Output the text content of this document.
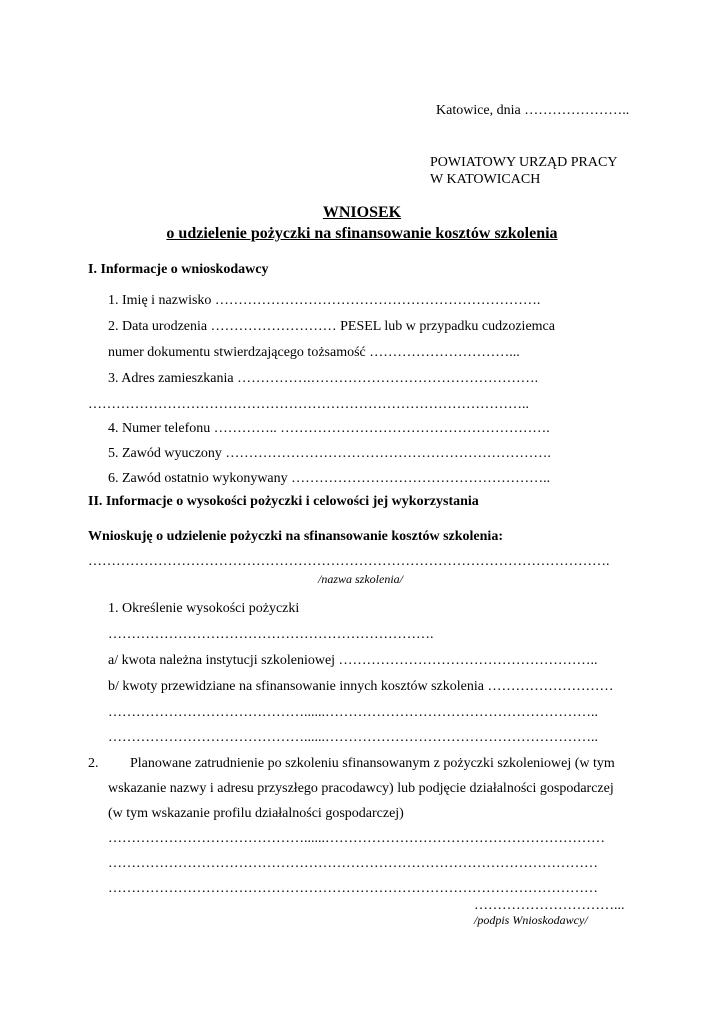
Katowice, dnia …………………..
POWIATOWY URZĄD PRACY
W KATOWICACH
WNIOSEK
o udzielenie pożyczki na sfinansowanie kosztów szkolenia
I. Informacje o wnioskodawcy
1. Imię i nazwisko …………………………………………………………….
2. Data urodzenia ……………………… PESEL lub w przypadku cudzoziemca
numer dokumentu stwierdzającego tożsamość …………………………...
3. Adres zamieszkania …………….………………………………………….
…………………………………………………………………………………..
4. Numer telefonu ………….. ………………………………………………….
5. Zawód wyuczony …………………………………………………………….
6. Zawód ostatnio wykonywany ………………………………………………..
II. Informacje o wysokości pożyczki i celowości jej wykorzystania
Wnioskuję o udzielenie pożyczki na sfinansowanie kosztów szkolenia:
………………………………………………………………………………………………….
/nazwa szkolenia/
1. Określenie wysokości pożyczki
…………………………………………………………….
a/ kwota należna instytucji szkoleniowej ………………………………………………..
b/ kwoty przewidziane na sfinansowanie innych kosztów szkolenia ………………………
……………………………………......…………………………………………………..
……………………………………......…………………………………………………..
2. Planowane zatrudnienie po szkoleniu sfinansowanym z pożyczki szkoleniowej (w tym
wskazanie nazwy i adresu przyszłego pracodawcy) lub podjęcie działalności gospodarczej
(w tym wskazanie profilu działalności gospodarczej)
……………………………………......……………………………………………………
……………………………………………………………………………………………
……………………………………………………………………………………………
…………………………...
/podpis Wnioskodawcy/
